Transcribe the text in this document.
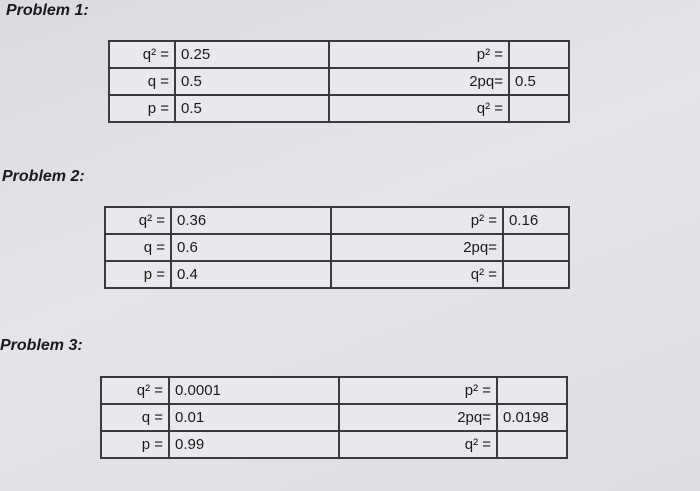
Problem 1:
q² =	0.25	p² =	
q =	0.5	2pq=	0.5
p =	0.5	q² =	
Problem 2:
q² =	0.36	p² =	0.16
q =	0.6	2pq=	
p =	0.4	q² =	
Problem 3:
q² =	0.0001	p² =	
q =	0.01	2pq=	0.0198
p =	0.99	q² =	
